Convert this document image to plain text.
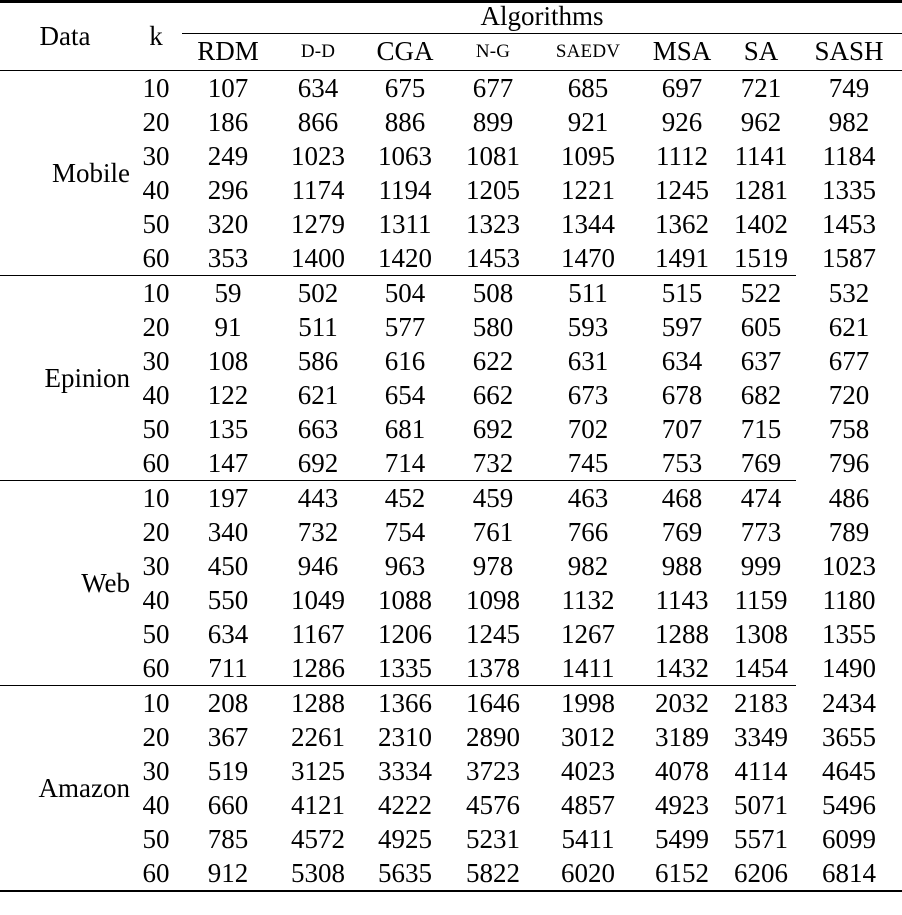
Data	k	Algorithms							
		RDM	D-D	CGA	N-G	SAEDV	MSA	SA	SASH

Mobile	10	107	634	675	677	685	697	721	749
	20	186	866	886	899	921	926	962	982
	30	249	1023	1063	1081	1095	1112	1141	1184
	40	296	1174	1194	1205	1221	1245	1281	1335
	50	320	1279	1311	1323	1344	1362	1402	1453
	60	353	1400	1420	1453	1470	1491	1519	1587

Epinion	10	59	502	504	508	511	515	522	532
	20	91	511	577	580	593	597	605	621
	30	108	586	616	622	631	634	637	677
	40	122	621	654	662	673	678	682	720
	50	135	663	681	692	702	707	715	758
	60	147	692	714	732	745	753	769	796

Web	10	197	443	452	459	463	468	474	486
	20	340	732	754	761	766	769	773	789
	30	450	946	963	978	982	988	999	1023
	40	550	1049	1088	1098	1132	1143	1159	1180
	50	634	1167	1206	1245	1267	1288	1308	1355
	60	711	1286	1335	1378	1411	1432	1454	1490

Amazon	10	208	1288	1366	1646	1998	2032	2183	2434
	20	367	2261	2310	2890	3012	3189	3349	3655
	30	519	3125	3334	3723	4023	4078	4114	4645
	40	660	4121	4222	4576	4857	4923	5071	5496
	50	785	4572	4925	5231	5411	5499	5571	6099
	60	912	5308	5635	5822	6020	6152	6206	6814
